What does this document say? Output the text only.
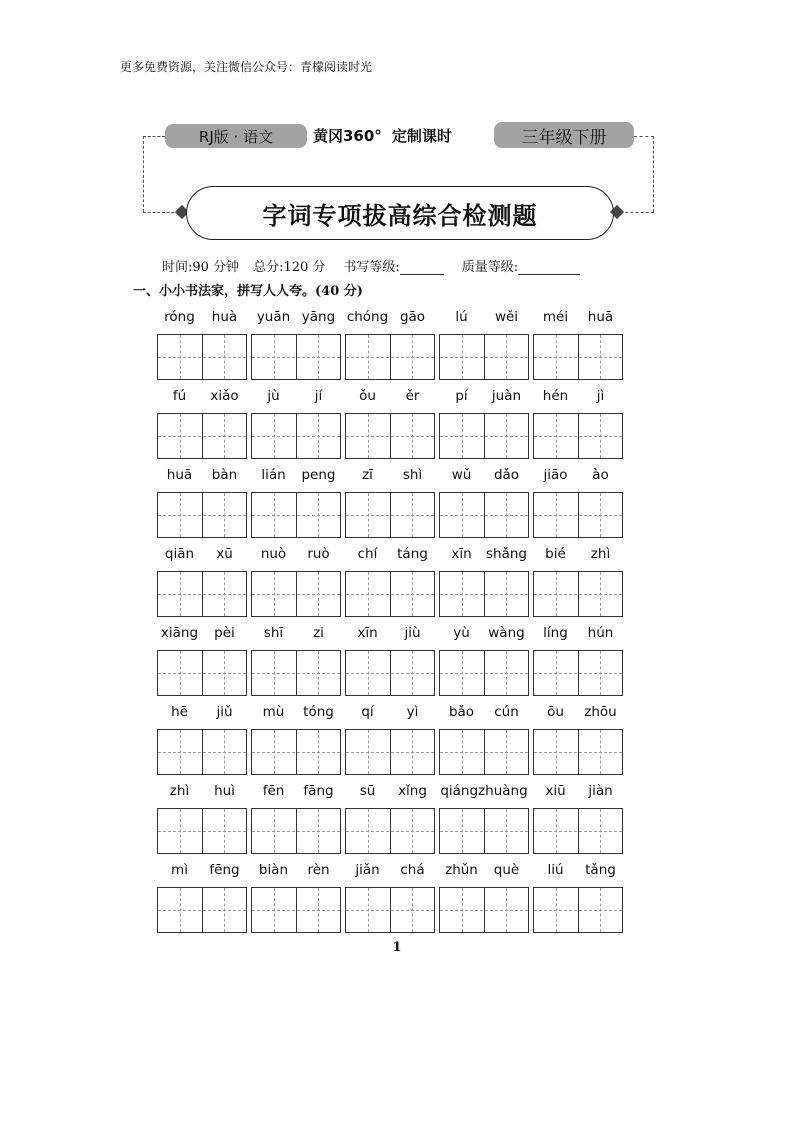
更多免费资源，关注微信公众号：青檬阅读时光
RJ版 · 语文	黄冈360° 定制课时	三年级下册
字词专项拔高综合检测题
时间:90 分钟 总分:120 分 书写等级:	质量等级:
一、小小书法家，拼写人人夸。(40 分)
róng	huà	yuān yāng chóng gāo	lú	wěi	méi	huā
fú	xiǎo	jù	jí	ǒu	ěr	pí	juàn	hén	jì
huā	bàn	lián	peng	zī	shì	wǔ	dǎo	jiāo	ào
qiān	xū	nuò	ruò	chí	táng	xīn	shǎng	bié	zhì
xiāng	pèi	shī	zi	xīn	jiù	yù	wàng	líng	hún
hē	jiǔ	mù	tóng	qí	yì	bǎo	cún	ōu	zhōu
zhì	huì	fēn	fāng	sū	xǐng qiángzhuàng	xiū	jiàn
mì	fēng	biàn	rèn	jiǎn	chá	zhǔn	què	liú	tǎng
1
